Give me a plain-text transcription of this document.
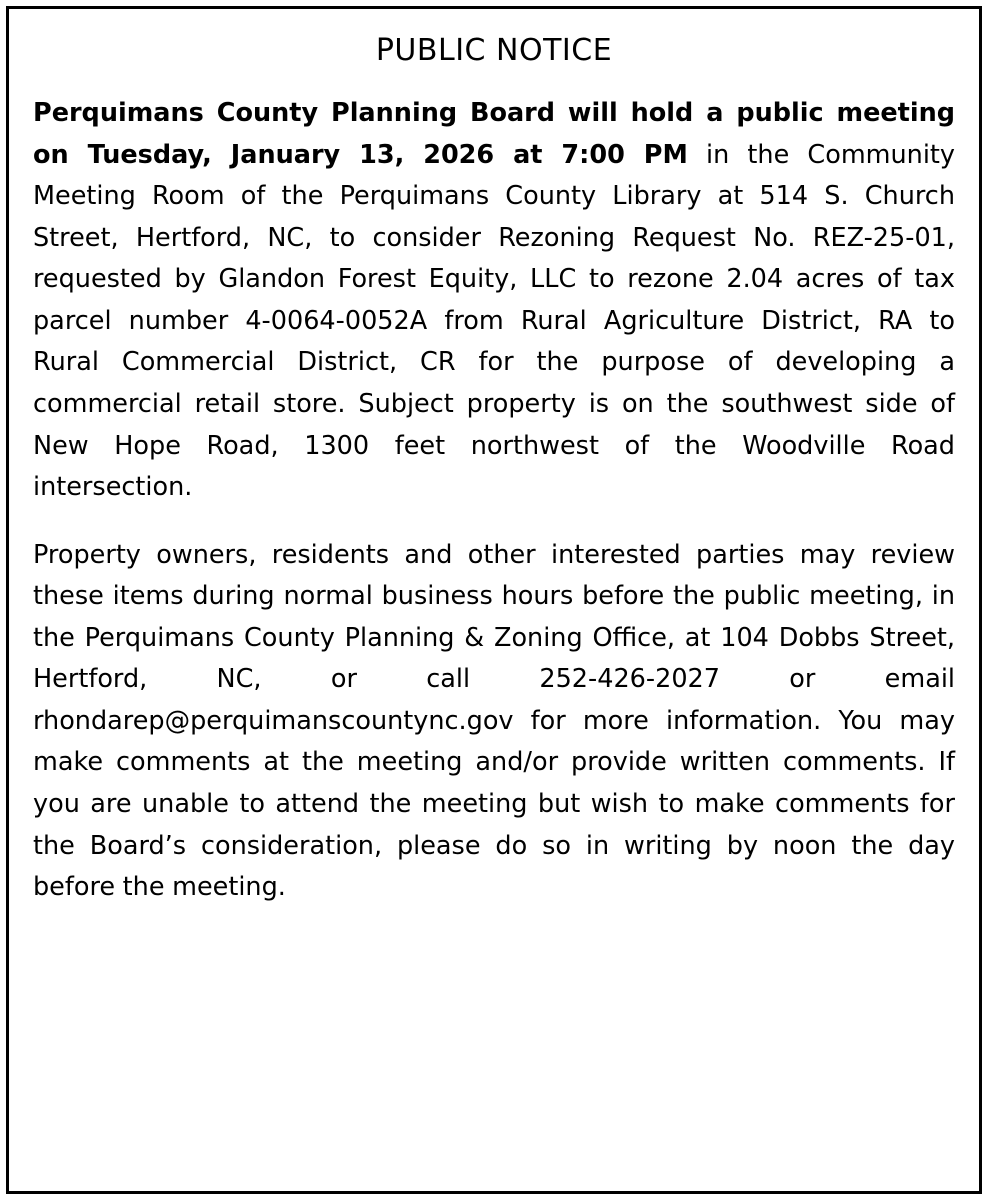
PUBLIC NOTICE

Perquimans County Planning Board will hold a public meeting on Tuesday, January 13, 2026 at 7:00 PM in the Community Meeting Room of the Perquimans County Library at 514 S. Church Street, Hertford, NC, to consider Rezoning Request No. REZ-25-01, requested by Glandon Forest Equity, LLC to rezone 2.04 acres of tax parcel number 4-0064-0052A from Rural Agriculture District, RA to Rural Commercial District, CR for the purpose of developing a commercial retail store. Subject property is on the southwest side of New Hope Road, 1300 feet northwest of the Woodville Road intersection.

Property owners, residents and other interested parties may review these items during normal business hours before the public meeting, in the Perquimans County Planning & Zoning Office, at 104 Dobbs Street, Hertford, NC, or call 252-426-2027 or email rhondarep@perquimanscountync.gov for more information. You may make comments at the meeting and/or provide written comments. If you are unable to attend the meeting but wish to make comments for the Board’s consideration, please do so in writing by noon the day before the meeting.
